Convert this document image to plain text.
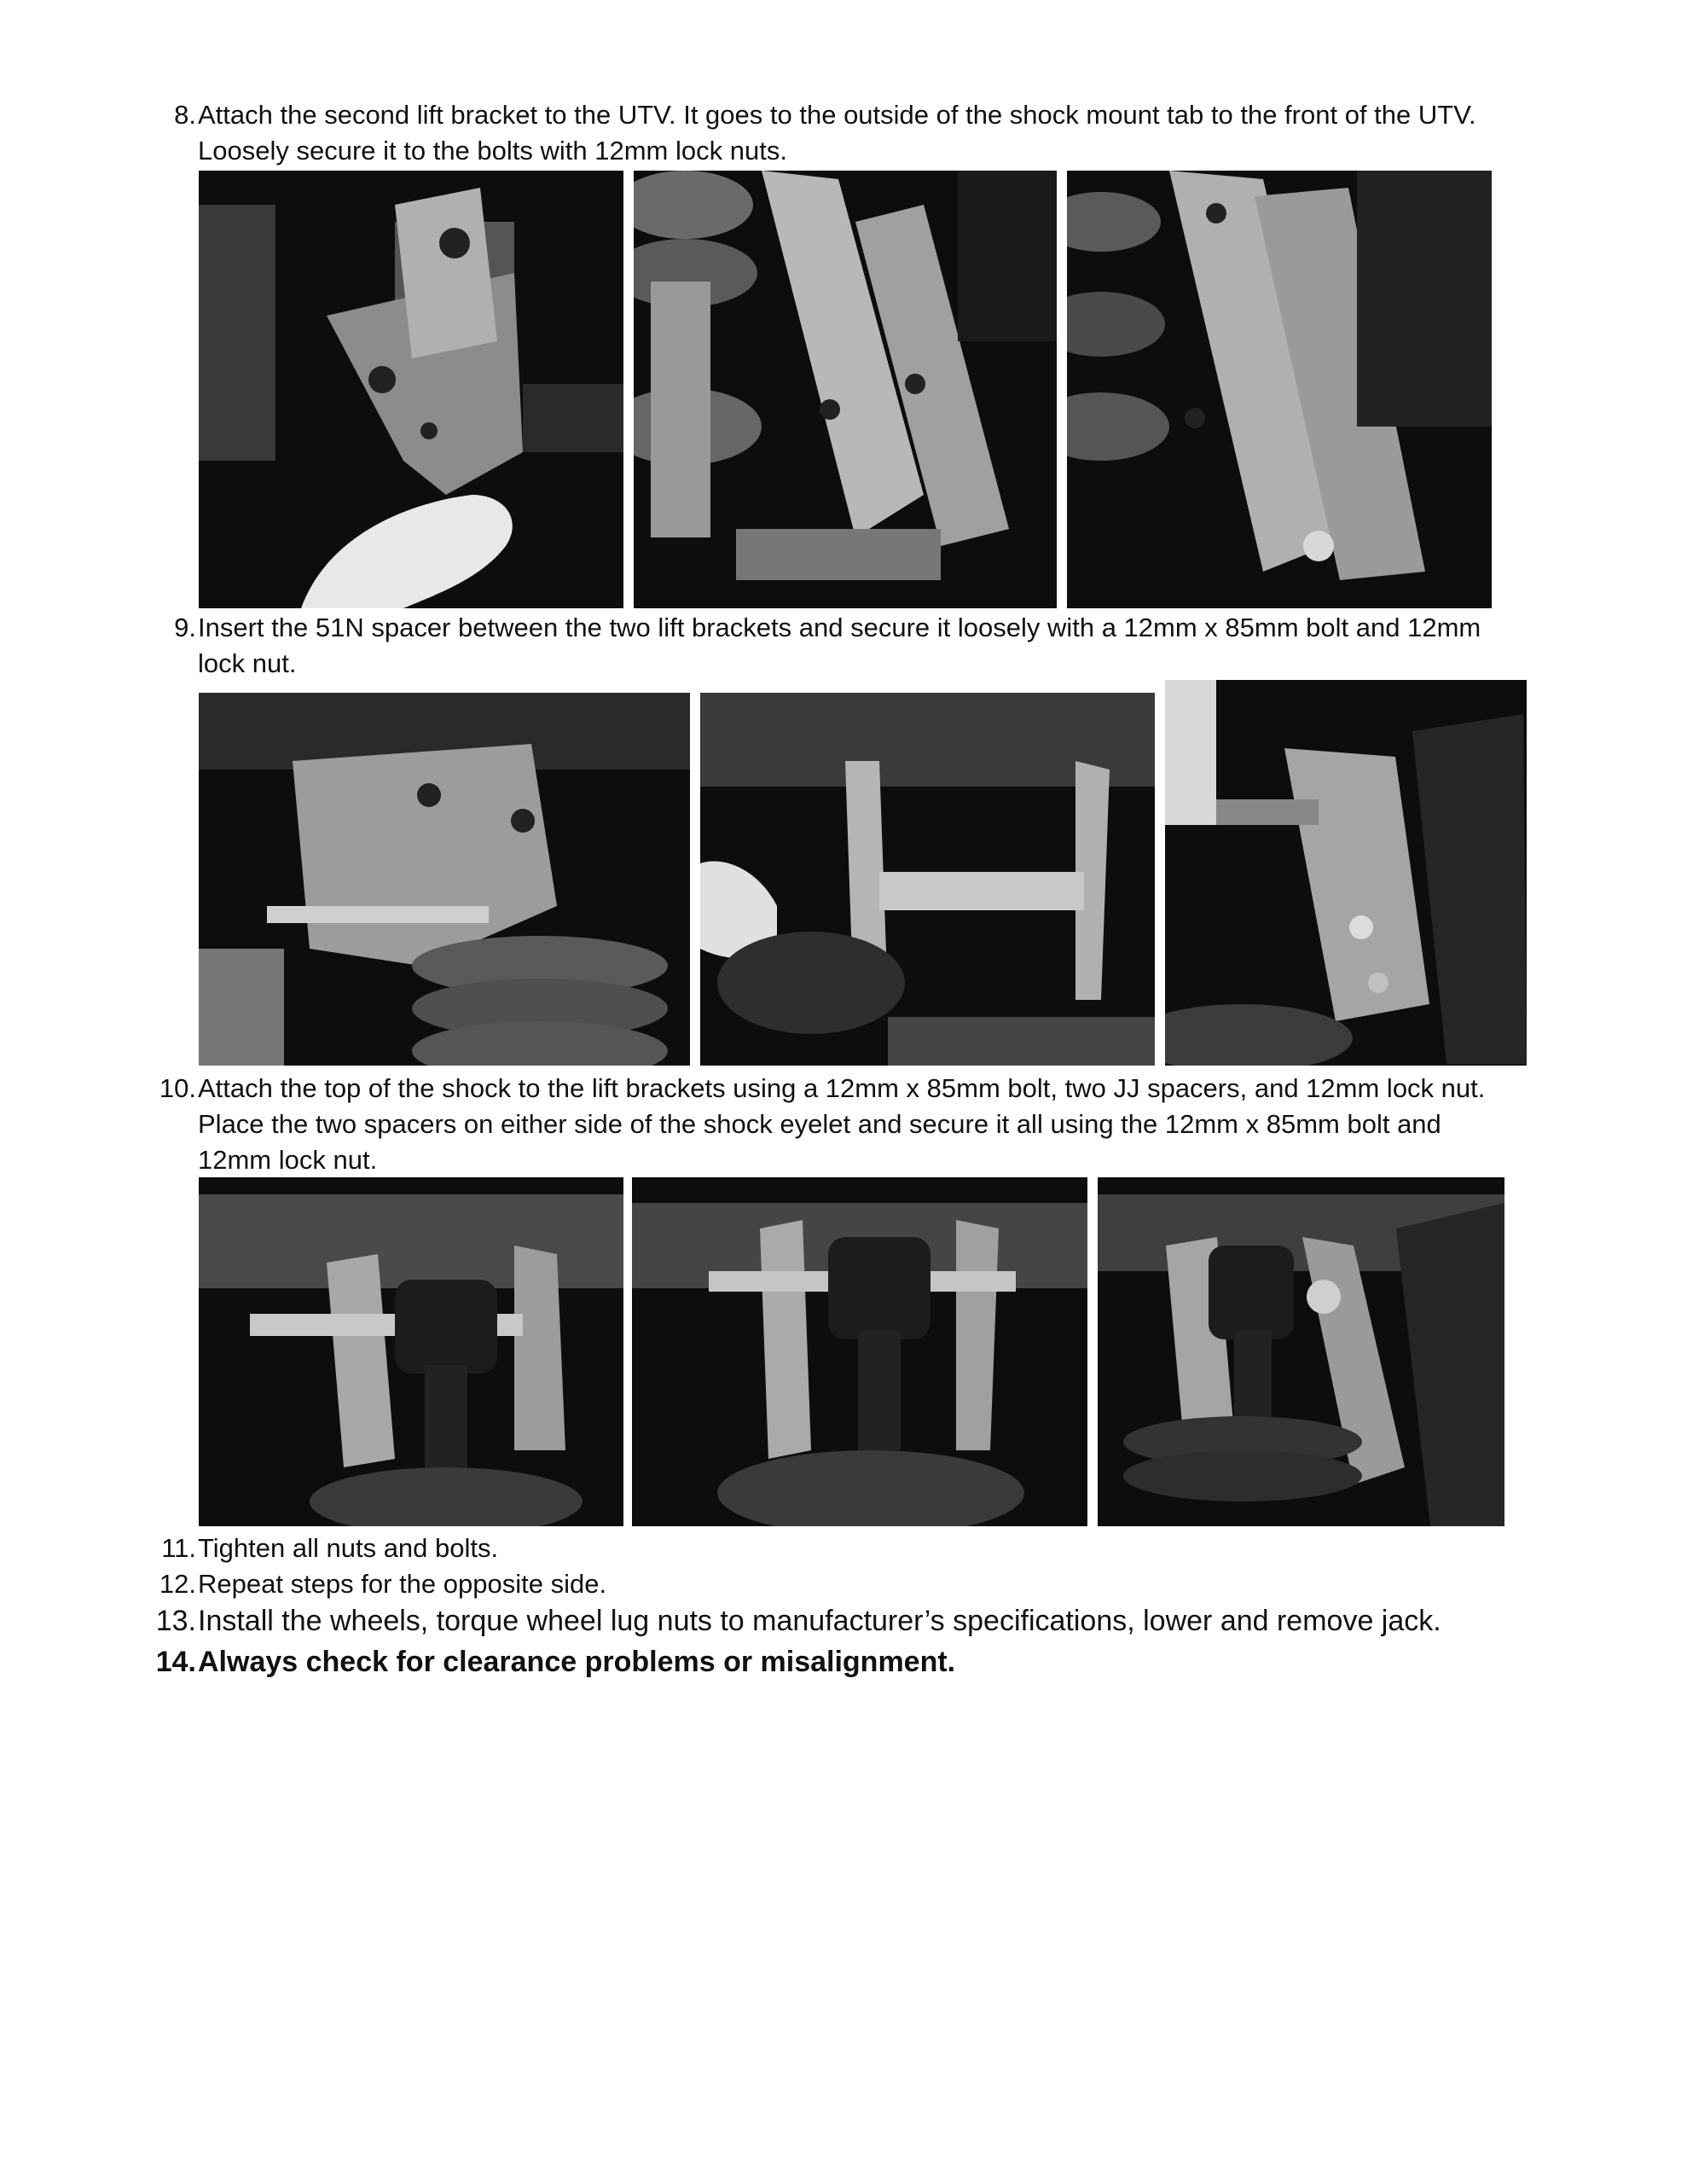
8. Attach the second lift bracket to the UTV. It goes to the outside of the shock mount tab to the front of the UTV.
Loosely secure it to the bolts with 12mm lock nuts.
9. Insert the 51N spacer between the two lift brackets and secure it loosely with a 12mm x 85mm bolt and 12mm
lock nut.
10. Attach the top of the shock to the lift brackets using a 12mm x 85mm bolt, two JJ spacers, and 12mm lock nut.
Place the two spacers on either side of the shock eyelet and secure it all using the 12mm x 85mm bolt and
12mm lock nut.
11. Tighten all nuts and bolts.
12. Repeat steps for the opposite side.
13. Install the wheels, torque wheel lug nuts to manufacturer’s specifications, lower and remove jack.
14. Always check for clearance problems or misalignment.
